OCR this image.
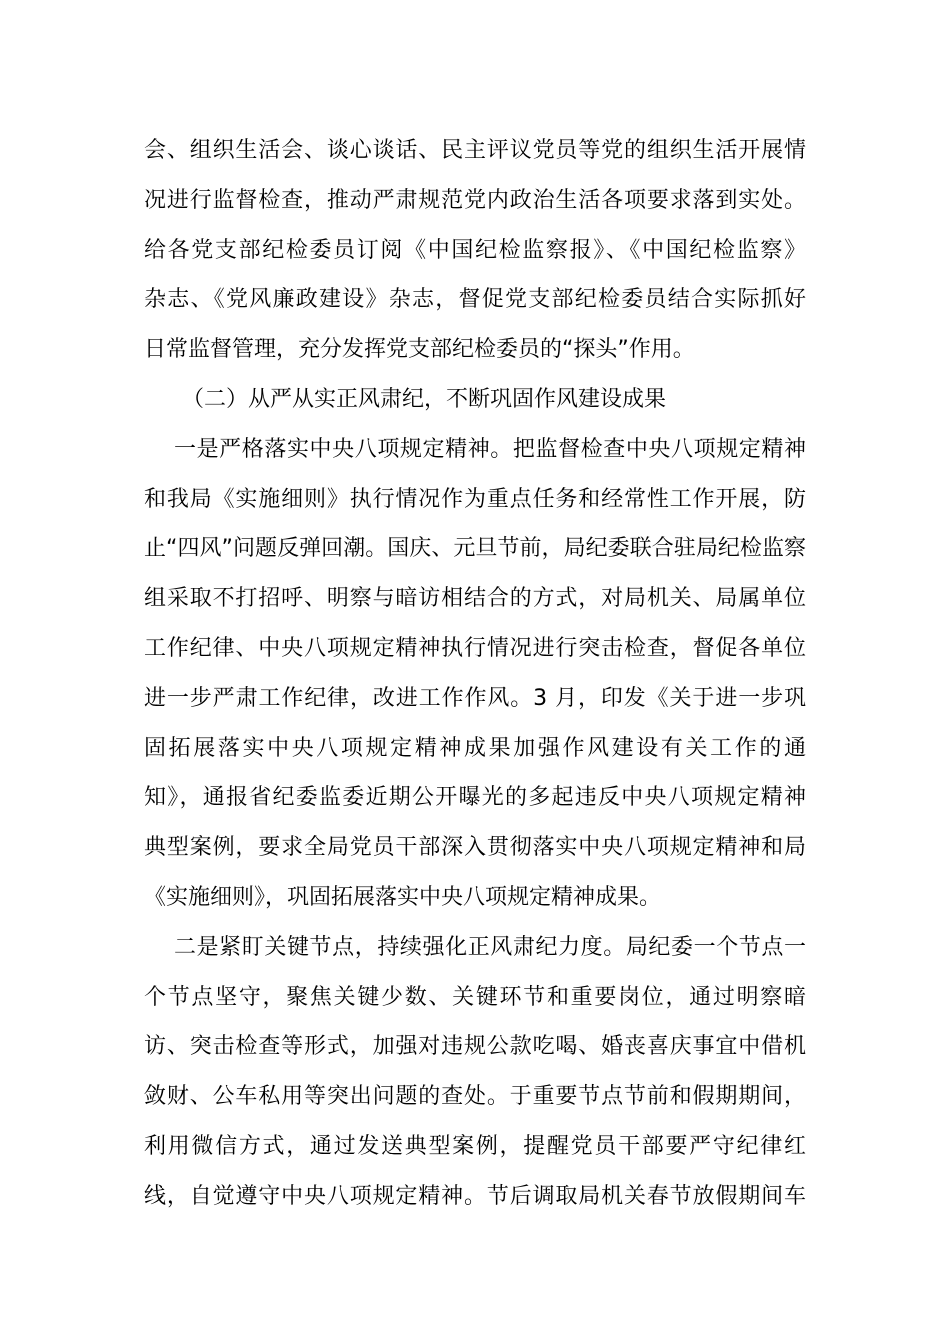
会、组织生活会、谈心谈话、民主评议党员等党的组织生活开展情
况进行监督检查，推动严肃规范党内政治生活各项要求落到实处。
给各党支部纪检委员订阅《中国纪检监察报》、《中国纪检监察》
杂志、《党风廉政建设》杂志，督促党支部纪检委员结合实际抓好
日常监督管理，充分发挥党支部纪检委员的“探头”作用。
（二）从严从实正风肃纪，不断巩固作风建设成果
一是严格落实中央八项规定精神。把监督检查中央八项规定精神
和我局《实施细则》执行情况作为重点任务和经常性工作开展，防
止“四风”问题反弹回潮。国庆、元旦节前，局纪委联合驻局纪检监察
组采取不打招呼、明察与暗访相结合的方式，对局机关、局属单位
工作纪律、中央八项规定精神执行情况进行突击检查，督促各单位
进一步严肃工作纪律，改进工作作风。3 月，印发《关于进一步巩
固拓展落实中央八项规定精神成果加强作风建设有关工作的通
知》，通报省纪委监委近期公开曝光的多起违反中央八项规定精神
典型案例，要求全局党员干部深入贯彻落实中央八项规定精神和局
《实施细则》，巩固拓展落实中央八项规定精神成果。
二是紧盯关键节点，持续强化正风肃纪力度。局纪委一个节点一
个节点坚守，聚焦关键少数、关键环节和重要岗位，通过明察暗
访、突击检查等形式，加强对违规公款吃喝、婚丧喜庆事宜中借机
敛财、公车私用等突出问题的查处。于重要节点节前和假期期间，
利用微信方式，通过发送典型案例，提醒党员干部要严守纪律红
线，自觉遵守中央八项规定精神。节后调取局机关春节放假期间车
